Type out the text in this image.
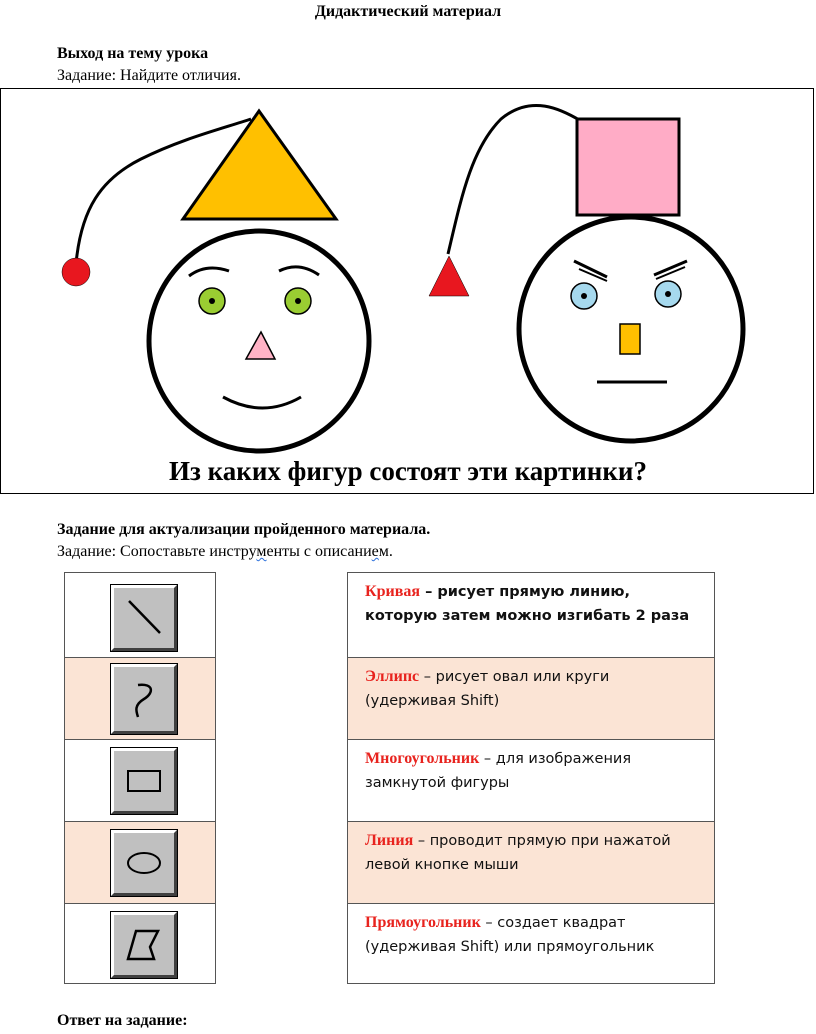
Дидактический материал
Выход на тему урока
Задание: Найдите отличия.
Из каких фигур состоят эти картинки?
Задание для актуализации пройденного материала.
Задание: Сопоставьте инструменты с описанием.
Кривая – рисует прямую линию, которую затем можно изгибать 2 раза
Эллипс – рисует овал или круги (удерживая Shift)
Многоугольник – для изображения замкнутой фигуры
Линия – проводит прямую при нажатой левой кнопке мыши
Прямоугольник – создает квадрат (удерживая Shift) или прямоугольник
Ответ на задание:
